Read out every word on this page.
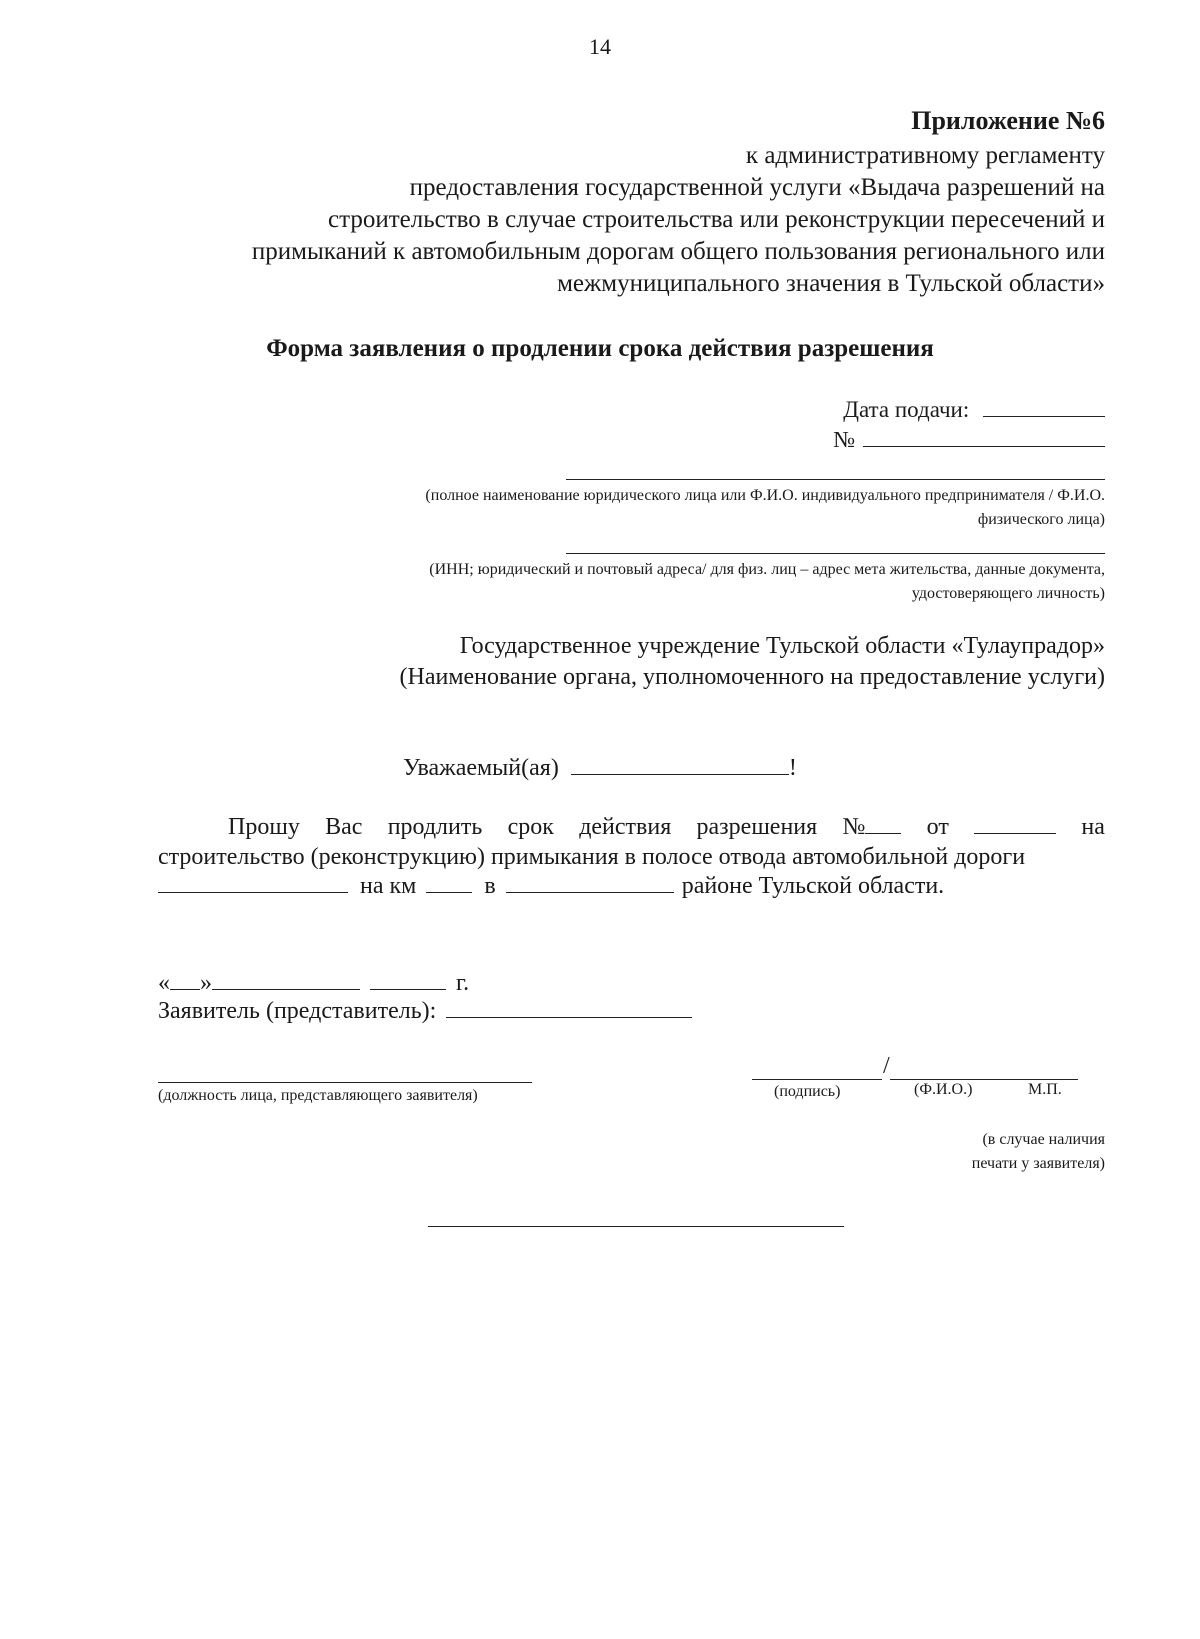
14
Приложение №6

к административному регламенту

предоставления государственной услуги «Выдача разрешений на

строительство в случае строительства или реконструкции пересечений и

примыканий к автомобильным дорогам общего пользования регионального или

межмуниципального значения в Тульской области»

Форма заявления о продлении срока действия разрешения
Дата подачи:
№
(полное наименование юридического лица или Ф.И.О. индивидуального предпринимателя / Ф.И.О.
физического лица)
(ИНН; юридический и почтовый адреса/ для физ. лиц – адрес мета жительства, данные документа,
удостоверяющего личность)
Государственное учреждение Тульской области «Тулаупрадор»
(Наименование органа, уполномоченного на предоставление услуги)
Уважаемый(ая)	!
Прошу Вас продлить срок действия разрешения №	от	на
строительство (реконструкцию) примыкания в полосе отвода автомобильной дороги
на км	в	районе Тульской области.
« »	г.
Заявитель (представитель):
(должность лица, представляющего заявителя)
/
(подпись)	(Ф.И.О.)	М.П.
(в случае наличия
печати у заявителя)
